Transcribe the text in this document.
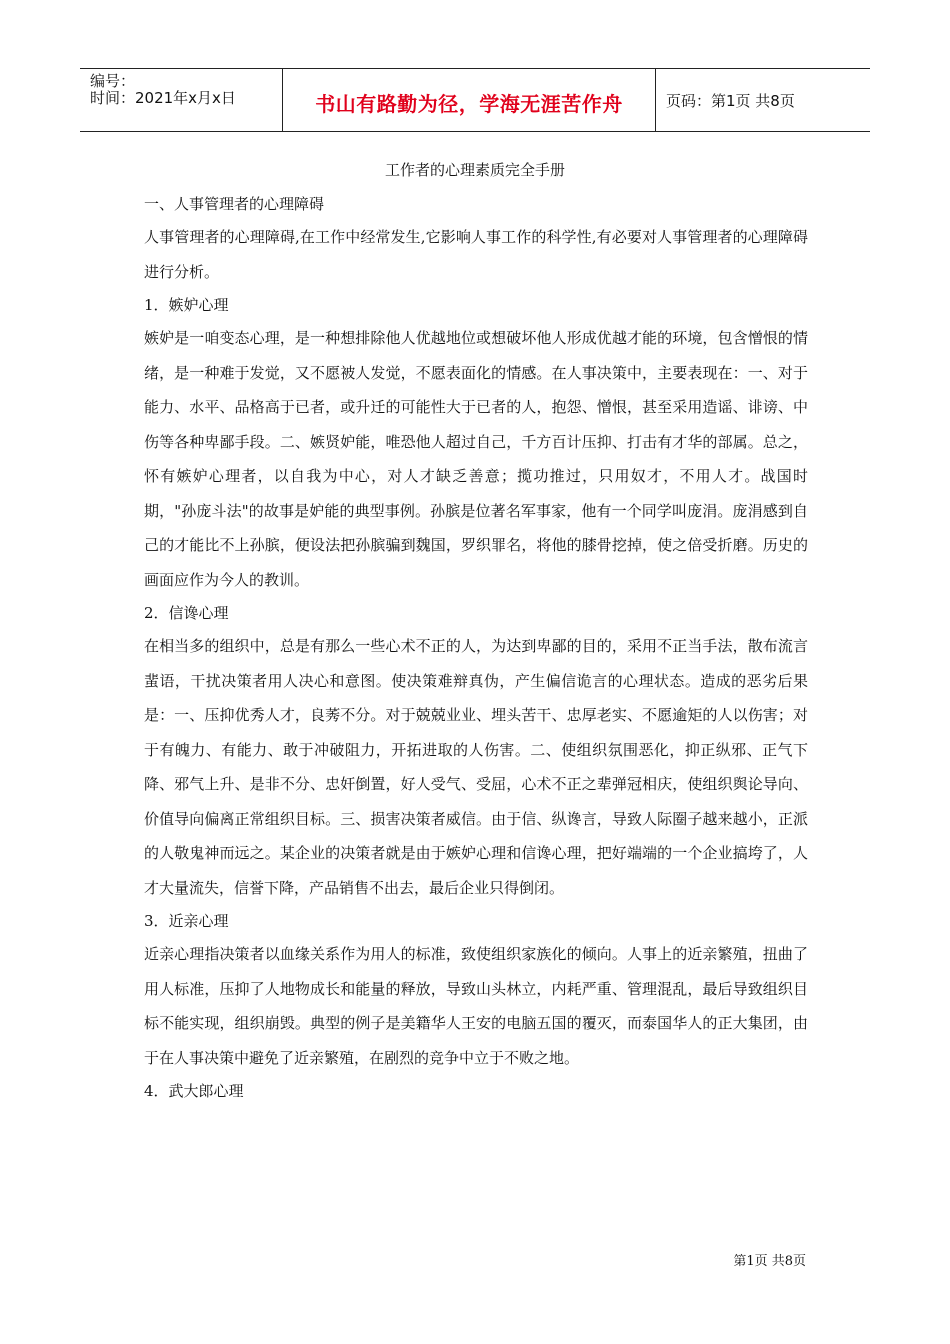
编号：
时间：2021年x月x日	书山有路勤为径，学海无涯苦作舟	页码：第1页 共8页
工作者的心理素质完全手册

一、人事管理者的心理障碍

人事管理者的心理障碍,在工作中经常发生,它影响人事工作的科学性,有必要对人事管理者的心理障碍进行分析。

1．嫉妒心理

嫉妒是一咱变态心理，是一种想排除他人优越地位或想破坏他人形成优越才能的环境，包含憎恨的情绪，是一种难于发觉，又不愿被人发觉，不愿表面化的情感。在人事决策中，主要表现在：一、对于能力、水平、品格高于已者，或升迁的可能性大于已者的人，抱怨、憎恨，甚至采用造谣、诽谤、中伤等各种卑鄙手段。二、嫉贤妒能，唯恐他人超过自己，千方百计压抑、打击有才华的部属。总之，怀有嫉妒心理者，以自我为中心，对人才缺乏善意；揽功推过，只用奴才，不用人才。战国时期，"孙庞斗法"的故事是妒能的典型事例。孙膑是位著名军事家，他有一个同学叫庞涓。庞涓感到自己的才能比不上孙膑，便设法把孙膑骗到魏国，罗织罪名，将他的膝骨挖掉，使之倍受折磨。历史的画面应作为今人的教训。

2．信谗心理

在相当多的组织中，总是有那么一些心术不正的人，为达到卑鄙的目的，采用不正当手法，散布流言蜚语，干扰决策者用人决心和意图。使决策难辩真伪，产生偏信诡言的心理状态。造成的恶劣后果是：一、压抑优秀人才，良莠不分。对于兢兢业业、埋头苦干、忠厚老实、不愿逾矩的人以伤害；对于有魄力、有能力、敢于冲破阻力，开拓进取的人伤害。二、使组织氛围恶化，抑正纵邪、正气下降、邪气上升、是非不分、忠奸倒置，好人受气、受屈，心术不正之辈弹冠相庆，使组织舆论导向、价值导向偏离正常组织目标。三、损害决策者威信。由于信、纵谗言，导致人际圈子越来越小，正派的人敬鬼神而远之。某企业的决策者就是由于嫉妒心理和信谗心理，把好端端的一个企业搞垮了，人才大量流失，信誉下降，产品销售不出去，最后企业只得倒闭。

3．近亲心理

近亲心理指决策者以血缘关系作为用人的标准，致使组织家族化的倾向。人事上的近亲繁殖，扭曲了用人标准，压抑了人地物成长和能量的释放，导致山头林立，内耗严重、管理混乱，最后导致组织目标不能实现，组织崩毁。典型的例子是美籍华人王安的电脑五国的覆灭，而泰国华人的正大集团，由于在人事决策中避免了近亲繁殖，在剧烈的竞争中立于不败之地。

4．武大郎心理

第1页 共8页
